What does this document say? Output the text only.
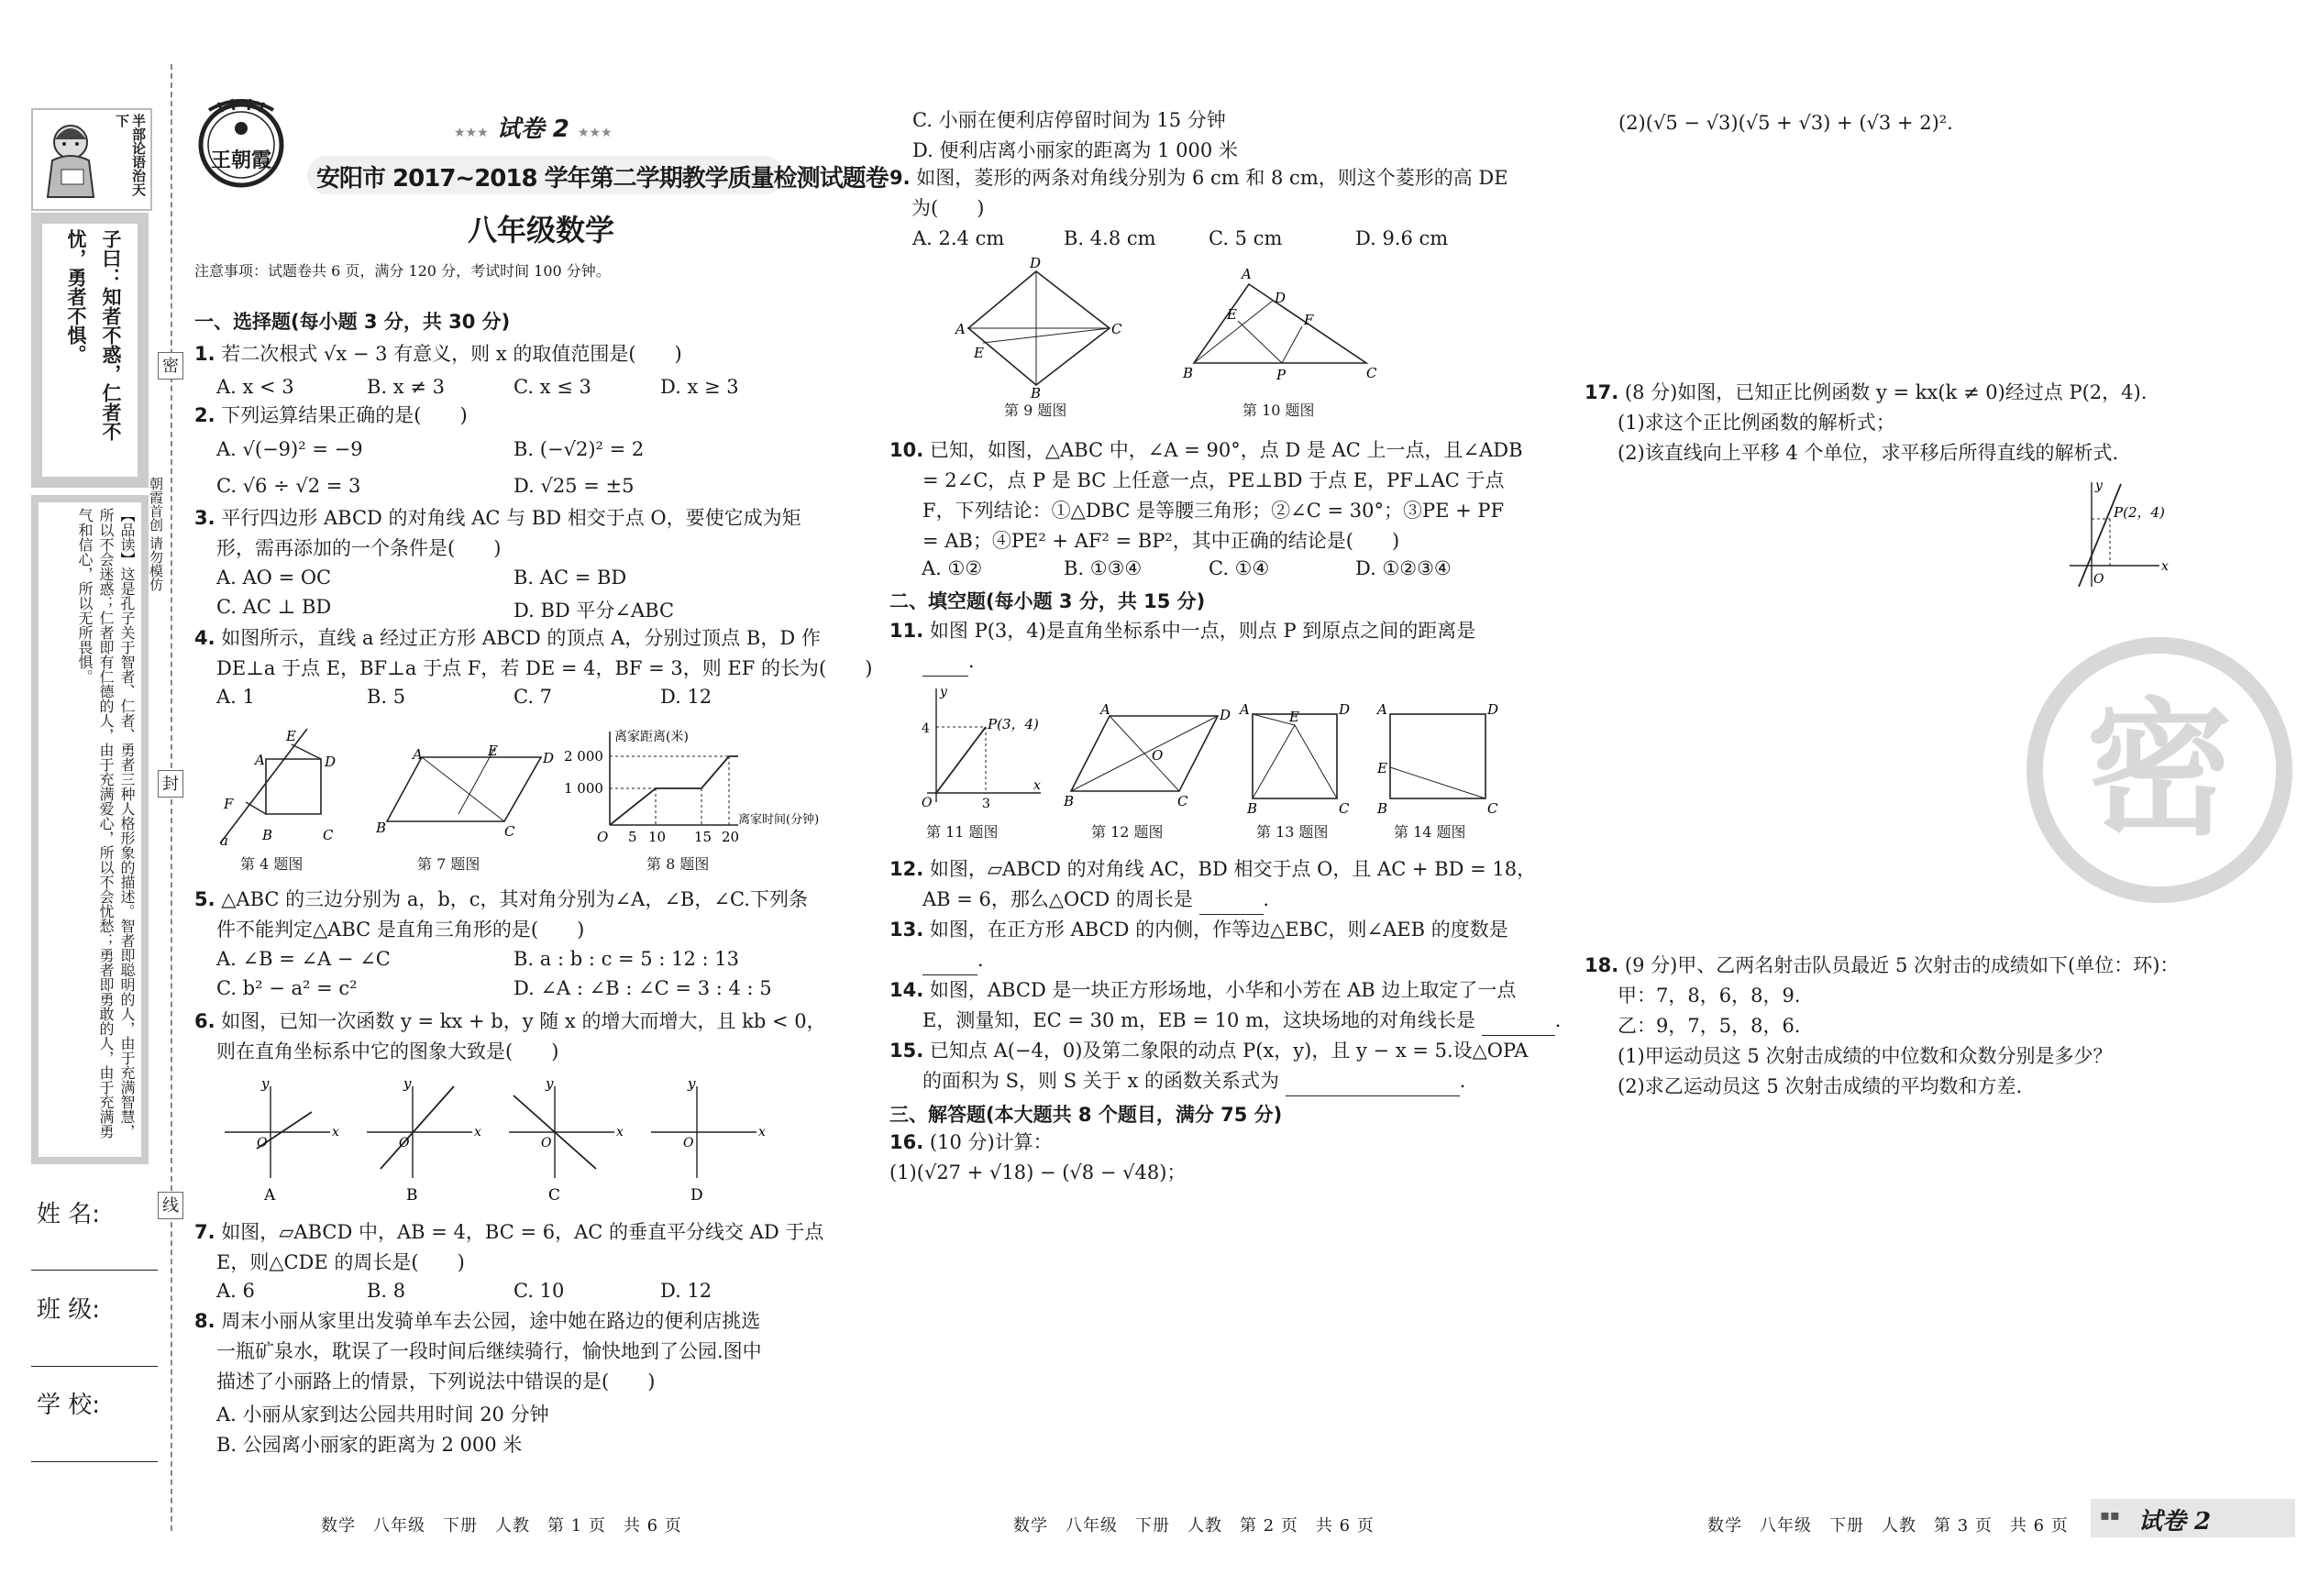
半部论语治天下
子曰：知者不惑，仁者不忧，勇者不惧。
【品读】这是孔子关于智者、仁者、勇者三种人格形象的描述。智者即聪明的人，由于充满智慧，所以不会迷惑；仁者即有仁德的人，由于充满爱心，所以不会忧愁；勇者即勇敢的人，由于充满勇气和信心，所以无所畏惧。
姓 名:
班 级:
学 校:
密
封
线
朝霞首创 请勿模仿
王朝霞
★★★ 试卷 2 ★★★
安阳市 2017~2018 学年第二学期教学质量检测试题卷
八年级数学
注意事项：试题卷共 6 页，满分 120 分，考试时间 100 分钟。
一、选择题(每小题 3 分，共 30 分)
1. 若二次根式 √x − 3 有意义，则 x 的取值范围是(　　)
A. x < 3	B. x ≠ 3	C. x ≤ 3	D. x ≥ 3
2. 下列运算结果正确的是(　　)
A. √(−9)² = −9	B. (−√2)² = 2
C. √6 ÷ √2 = 3	D. √25 = ±5
3. 平行四边形 ABCD 的对角线 AC 与 BD 相交于点 O，要使它成为矩
形，需再添加的一个条件是(　　)
A. AO = OC	B. AC = BD
C. AC ⊥ BD	D. BD 平分∠ABC
4. 如图所示，直线 a 经过正方形 ABCD 的顶点 A，分别过顶点 B，D 作
DE⊥a 于点 E，BF⊥a 于点 F，若 DE = 4，BF = 3，则 EF 的长为(　　)
A. 1	B. 5	C. 7	D. 12
A	D
B	C
E
F
a
第 4 题图
A	E	D
B	C
第 7 题图
离家距离(米)
2 000
1 000
O 5 10 15 20
离家时间(分钟)
第 8 题图
5. △ABC 的三边分别为 a，b，c，其对角分别为∠A，∠B，∠C.下列条
件不能判定△ABC 是直角三角形的是(　　)
A. ∠B = ∠A − ∠C	B. a : b : c = 5 : 12 : 13
C. b² − a² = c²	D. ∠A : ∠B : ∠C = 3 : 4 : 5
6. 如图，已知一次函数 y = kx + b，y 随 x 的增大而增大，且 kb < 0，
则在直角坐标系中它的图象大致是(　　)
y
O
x
A
y
O
x
B
y
O
x
C
y
O
x
D
7. 如图，▱ABCD 中，AB = 4，BC = 6，AC 的垂直平分线交 AD 于点
E，则△CDE 的周长是(　　)
A. 6	B. 8	C. 10	D. 12
8. 周末小丽从家里出发骑单车去公园，途中她在路边的便利店挑选
一瓶矿泉水，耽误了一段时间后继续骑行，愉快地到了公园.图中
描述了小丽路上的情景，下列说法中错误的是(　　)
A. 小丽从家到达公园共用时间 20 分钟
B. 公园离小丽家的距离为 2 000 米
数学　八年级　下册　人教　第 1 页　共 6 页
C. 小丽在便利店停留时间为 15 分钟
D. 便利店离小丽家的距离为 1 000 米
9. 如图，菱形的两条对角线分别为 6 cm 和 8 cm，则这个菱形的高 DE
为(　　)
A. 2.4 cm	B. 4.8 cm	C. 5 cm	D. 9.6 cm
D
A	C
E
B
第 9 题图
A
D
E	F
B	P	C
第 10 题图
10. 已知，如图，△ABC 中，∠A = 90°，点 D 是 AC 上一点，且∠ADB
= 2∠C，点 P 是 BC 上任意一点，PE⊥BD 于点 E，PF⊥AC 于点
F，下列结论：①△DBC 是等腰三角形；②∠C = 30°；③PE + PF
= AB；④PE² + AF² = BP²，其中正确的结论是(　　)
A. ①②	B. ①③④	C. ①④	D. ①②③④
二、填空题(每小题 3 分，共 15 分)
11. 如图 P(3，4)是直角坐标系中一点，则点 P 到原点之间的距离是
．
y
4	P(3，4)
O	3
x
第 11 题图
A	D
O
B	C
第 12 题图
A	E	D
B	C
第 13 题图
A	D
E
B	C
第 14 题图
12. 如图，▱ABCD 的对角线 AC，BD 相交于点 O，且 AC + BD = 18，
AB = 6，那么△OCD 的周长是	．
13. 如图，在正方形 ABCD 的内侧，作等边△EBC，则∠AEB 的度数是
．
14. 如图，ABCD 是一块正方形场地，小华和小芳在 AB 边上取定了一点
E，测量知，EC = 30 m，EB = 10 m，这块场地的对角线长是	．
15. 已知点 A(−4，0)及第二象限的动点 P(x，y)，且 y − x = 5.设△OPA
的面积为 S，则 S 关于 x 的函数关系式为	．
三、解答题(本大题共 8 个题目，满分 75 分)
16. (10 分)计算：
(1)(√27 + √18) − (√8 − √48)；
数学　八年级　下册　人教　第 2 页　共 6 页
(2)(√5 − √3)(√5 + √3) + (√3 + 2)².
17. (8 分)如图，已知正比例函数 y = kx(k ≠ 0)经过点 P(2，4).
(1)求这个正比例函数的解析式；
(2)该直线向上平移 4 个单位，求平移后所得直线的解析式.
y
P(2，4)
O
x
密
18. (9 分)甲、乙两名射击队员最近 5 次射击的成绩如下(单位：环)：
甲：7，8，6，8，9.
乙：9，7，5，8，6.
(1)甲运动员这 5 次射击成绩的中位数和众数分别是多少？
(2)求乙运动员这 5 次射击成绩的平均数和方差.
数学　八年级　下册　人教　第 3 页　共 6 页
▪▪ 试卷 2
